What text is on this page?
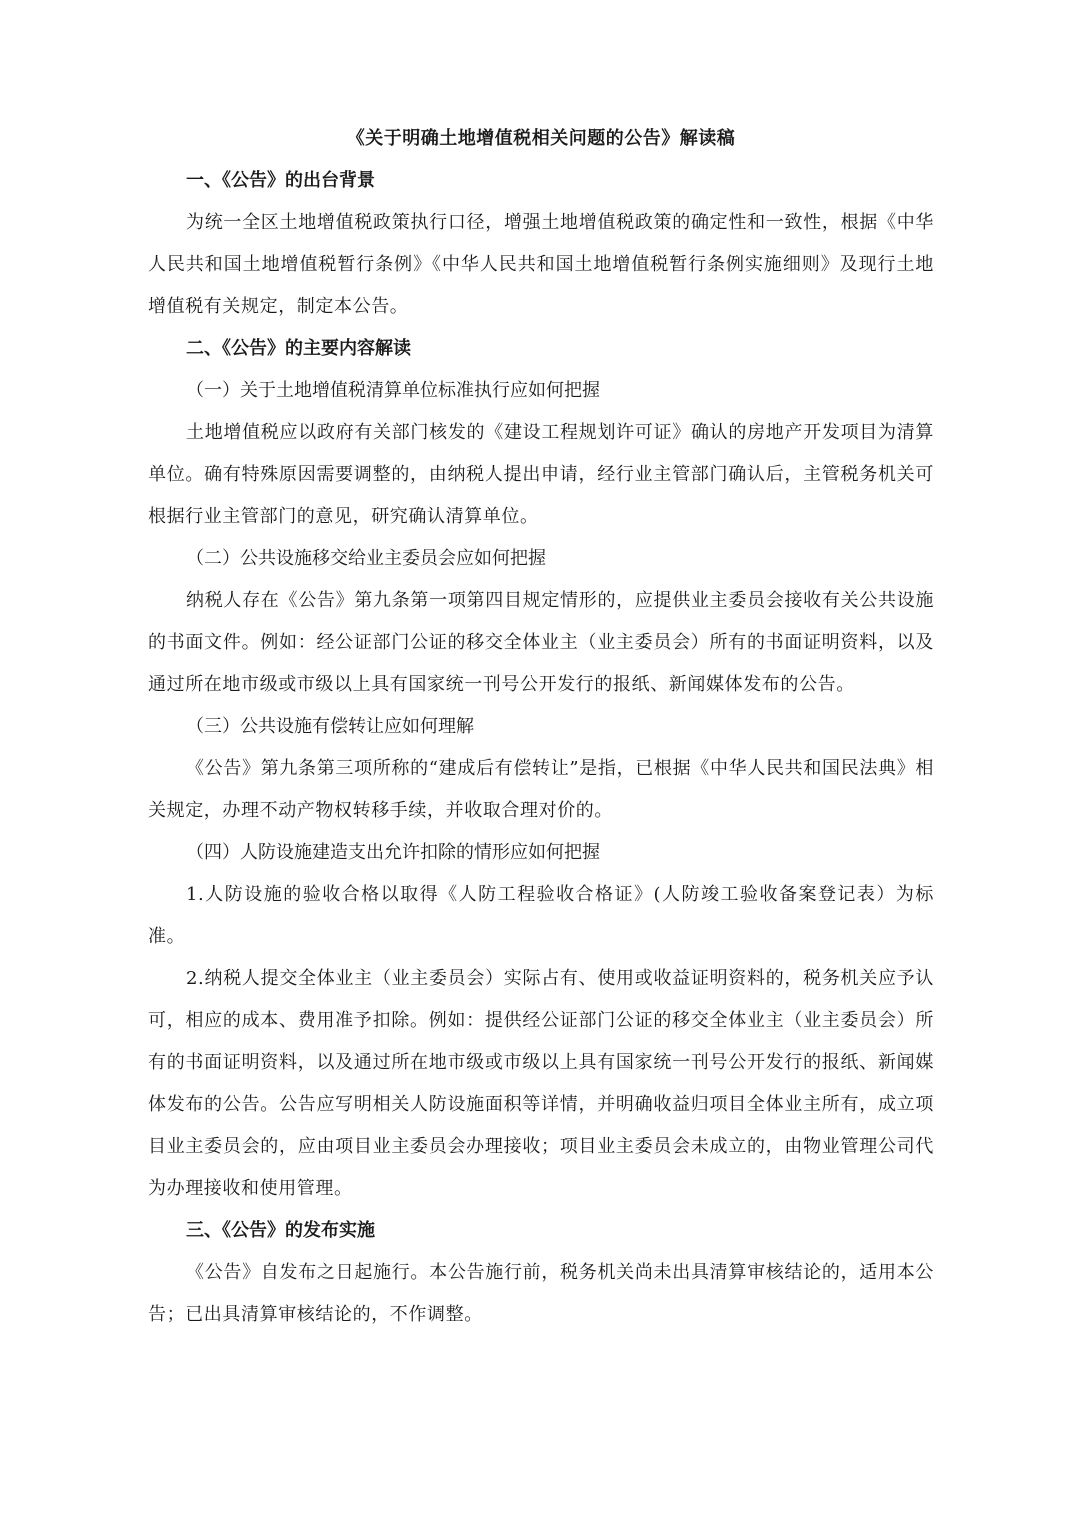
《关于明确土地增值税相关问题的公告》解读稿

一、《公告》的出台背景

为统一全区土地增值税政策执行口径，增强土地增值税政策的确定性和一致性，根据《中华人民共和国土地增值税暂行条例》《中华人民共和国土地增值税暂行条例实施细则》及现行土地增值税有关规定，制定本公告。

二、《公告》的主要内容解读

（一）关于土地增值税清算单位标准执行应如何把握

土地增值税应以政府有关部门核发的《建设工程规划许可证》确认的房地产开发项目为清算单位。确有特殊原因需要调整的，由纳税人提出申请，经行业主管部门确认后，主管税务机关可根据行业主管部门的意见，研究确认清算单位。

（二）公共设施移交给业主委员会应如何把握

纳税人存在《公告》第九条第一项第四目规定情形的，应提供业主委员会接收有关公共设施的书面文件。例如：经公证部门公证的移交全体业主（业主委员会）所有的书面证明资料，以及通过所在地市级或市级以上具有国家统一刊号公开发行的报纸、新闻媒体发布的公告。

（三）公共设施有偿转让应如何理解

《公告》第九条第三项所称的“建成后有偿转让”是指，已根据《中华人民共和国民法典》相关规定，办理不动产物权转移手续，并收取合理对价的。

（四）人防设施建造支出允许扣除的情形应如何把握

1.人防设施的验收合格以取得《人防工程验收合格证》(人防竣工验收备案登记表）为标准。

2.纳税人提交全体业主（业主委员会）实际占有、使用或收益证明资料的，税务机关应予认可，相应的成本、费用准予扣除。例如：提供经公证部门公证的移交全体业主（业主委员会）所有的书面证明资料，以及通过所在地市级或市级以上具有国家统一刊号公开发行的报纸、新闻媒体发布的公告。公告应写明相关人防设施面积等详情，并明确收益归项目全体业主所有，成立项目业主委员会的，应由项目业主委员会办理接收；项目业主委员会未成立的，由物业管理公司代为办理接收和使用管理。

三、《公告》的发布实施

《公告》自发布之日起施行。本公告施行前，税务机关尚未出具清算审核结论的，适用本公告；已出具清算审核结论的，不作调整。
